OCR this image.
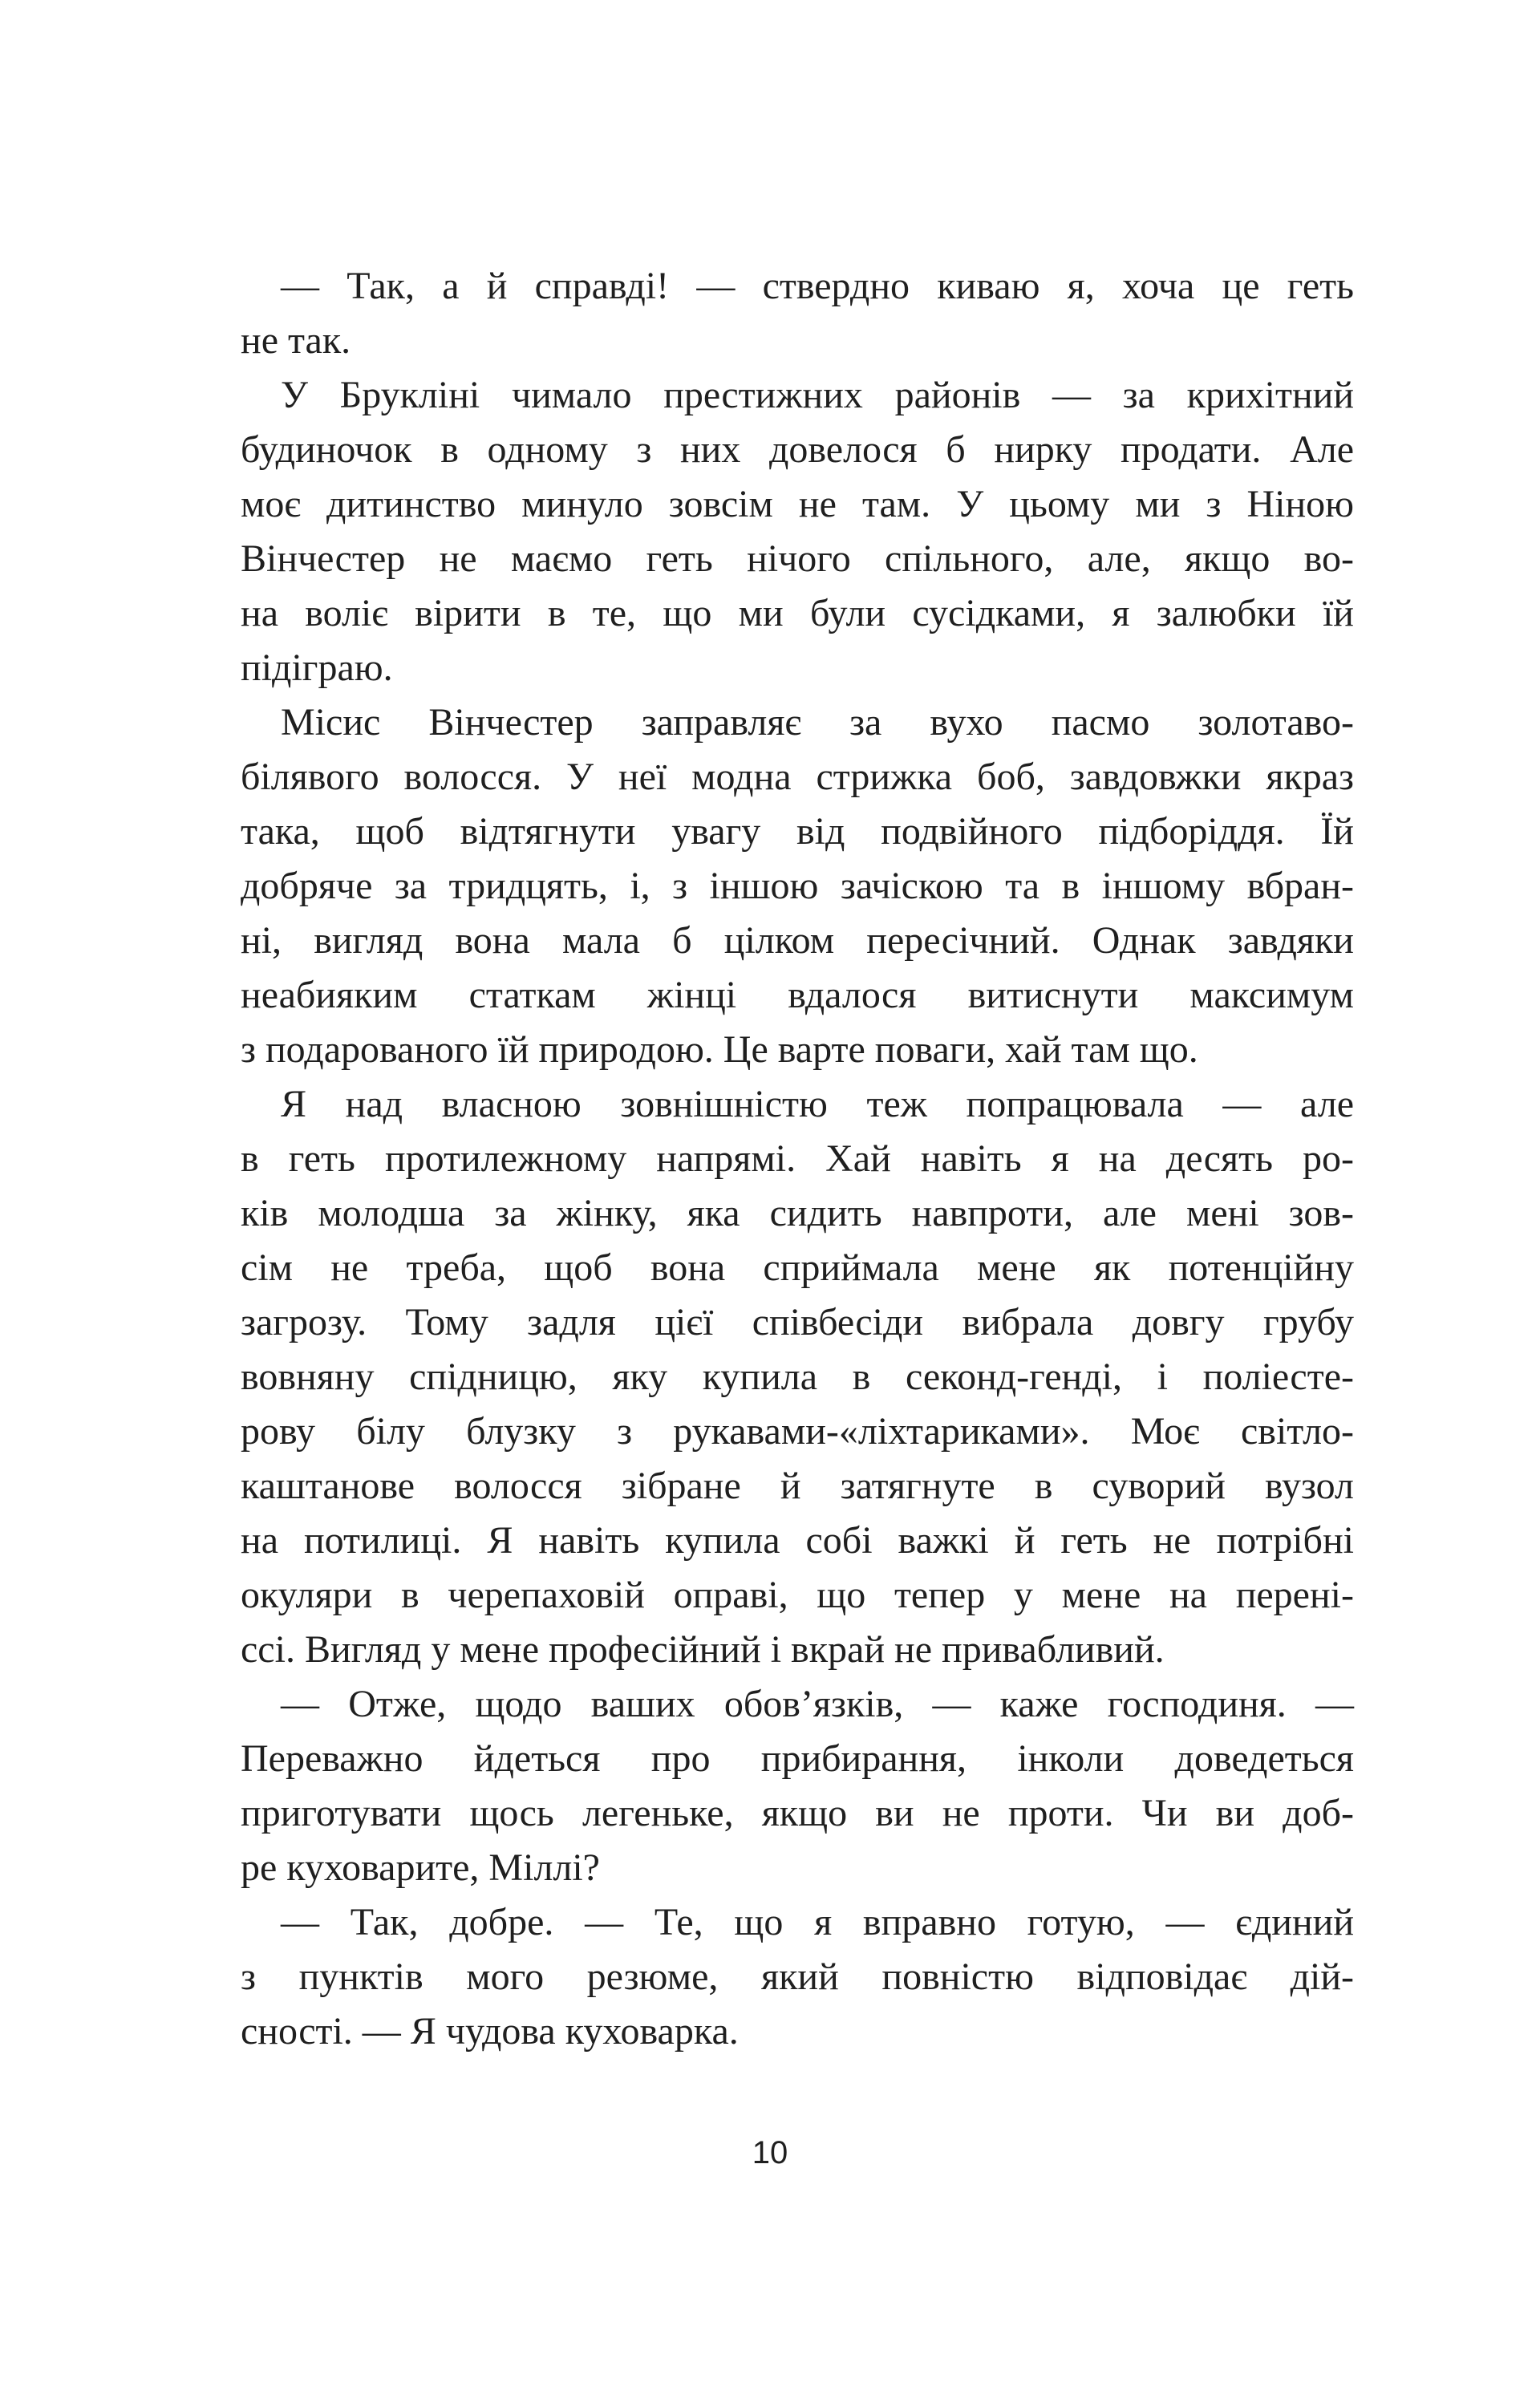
— Так, а й справді! — ствердно киваю я, хоча це геть
не так.
У Брукліні чимало престижних районів — за крихітний
будиночок в одному з них довелося б нирку продати. Але
моє дитинство минуло зовсім не там. У цьому ми з Ніною
Вінчестер не маємо геть нічого спільного, але, якщо во-
на воліє вірити в те, що ми були сусідками, я залюбки їй
підіграю.
Місис Вінчестер заправляє за вухо пасмо золотаво-
білявого волосся. У неї модна стрижка боб, завдовжки якраз
така, щоб відтягнути увагу від подвійного підборіддя. Їй
добряче за тридцять, і, з іншою зачіскою та в іншому вбран-
ні, вигляд вона мала б цілком пересічний. Однак завдяки
неабияким статкам жінці вдалося витиснути максимум
з подарованого їй природою. Це варте поваги, хай там що.
Я над власною зовнішністю теж попрацювала — але
в геть протилежному напрямі. Хай навіть я на десять ро-
ків молодша за жінку, яка сидить навпроти, але мені зов-
сім не треба, щоб вона сприймала мене як потенційну
загрозу. Тому задля цієї співбесіди вибрала довгу грубу
вовняну спідницю, яку купила в секонд-генді, і поліесте-
рову білу блузку з рукавами-«ліхтариками». Моє світло-
каштанове волосся зібране й затягнуте в суворий вузол
на потилиці. Я навіть купила собі важкі й геть не потрібні
окуляри в черепаховій оправі, що тепер у мене на перені-
ссі. Вигляд у мене професійний і вкрай не привабливий.
— Отже, щодо ваших обов’язків, — каже господиня. —
Переважно йдеться про прибирання, інколи доведеться
приготувати щось легеньке, якщо ви не проти. Чи ви доб-
ре куховарите, Міллі?
— Так, добре. — Те, що я вправно готую, — єдиний
з пунктів мого резюме, який повністю відповідає дій-
сності. — Я чудова куховарка.
10
